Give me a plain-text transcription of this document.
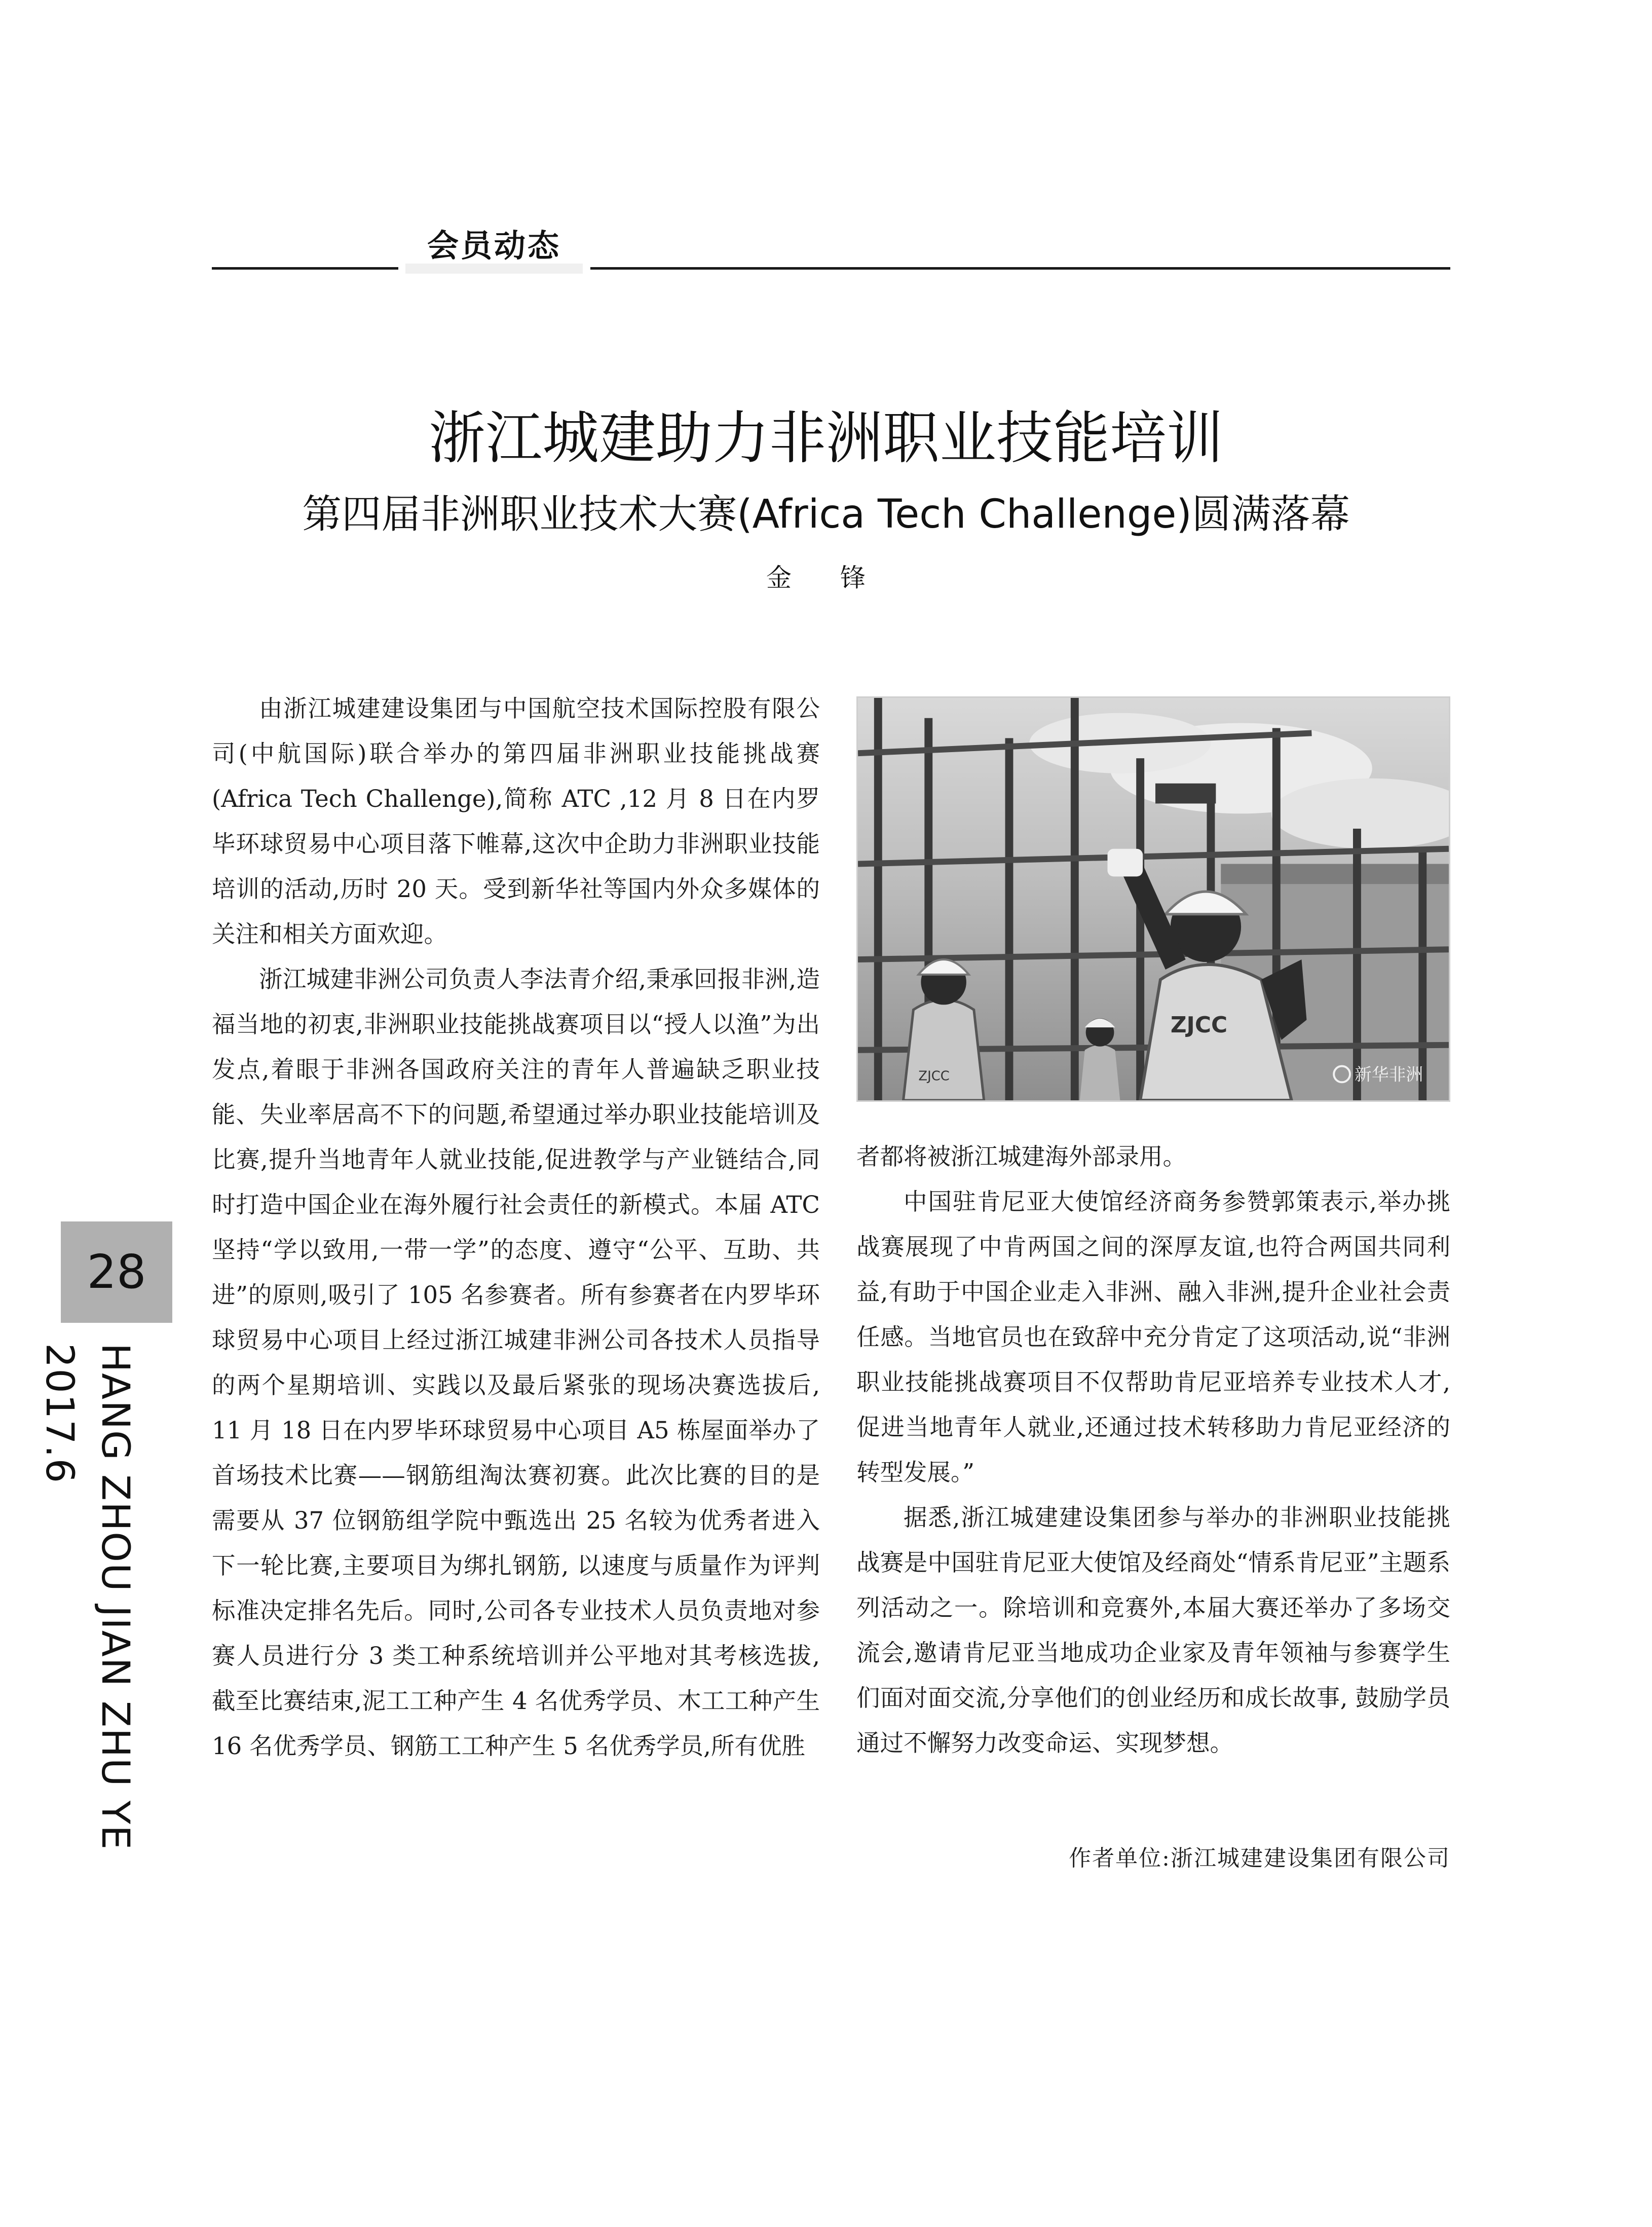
会员动态
浙江城建助力非洲职业技能培训
第四届非洲职业技术大赛(Africa Tech Challenge)圆满落幕
金 锋

由浙江城建建设集团与中国航空技术国际控股有限公司(中航国际)联合举办的第四届非洲职业技能挑战赛(Africa Tech Challenge),简称 ATC ,12 月 8 日在内罗毕环球贸易中心项目落下帷幕,这次中企助力非洲职业技能培训的活动,历时 20 天。受到新华社等国内外众多媒体的关注和相关方面欢迎。

浙江城建非洲公司负责人李法青介绍,秉承回报非洲,造福当地的初衷,非洲职业技能挑战赛项目以“授人以渔”为出发点,着眼于非洲各国政府关注的青年人普遍缺乏职业技能、失业率居高不下的问题,希望通过举办职业技能培训及比赛,提升当地青年人就业技能,促进教学与产业链结合,同时打造中国企业在海外履行社会责任的新模式。本届 ATC 坚持“学以致用,一带一学”的态度、遵守“公平、互助、共进”的原则,吸引了 105 名参赛者。所有参赛者在内罗毕环球贸易中心项目上经过浙江城建非洲公司各技术人员指导的两个星期培训、实践以及最后紧张的现场决赛选拔后, 11 月 18 日在内罗毕环球贸易中心项目 A5 栋屋面举办了首场技术比赛——钢筋组淘汰赛初赛。此次比赛的目的是需要从 37 位钢筋组学院中甄选出 25 名较为优秀者进入下一轮比赛,主要项目为绑扎钢筋, 以速度与质量作为评判标准决定排名先后。同时,公司各专业技术人员负责地对参赛人员进行分 3 类工种系统培训并公平地对其考核选拔, 截至比赛结束,泥工工种产生 4 名优秀学员、木工工种产生 16 名优秀学员、钢筋工工种产生 5 名优秀学员,所有优胜

ZJCC
ZJCC	新华非洲

者都将被浙江城建海外部录用。

中国驻肯尼亚大使馆经济商务参赞郭策表示,举办挑战赛展现了中肯两国之间的深厚友谊,也符合两国共同利益,有助于中国企业走入非洲、融入非洲,提升企业社会责任感。当地官员也在致辞中充分肯定了这项活动,说“非洲职业技能挑战赛项目不仅帮助肯尼亚培养专业技术人才,促进当地青年人就业,还通过技术转移助力肯尼亚经济的转型发展。”

据悉,浙江城建建设集团参与举办的非洲职业技能挑战赛是中国驻肯尼亚大使馆及经商处“情系肯尼亚”主题系列活动之一。除培训和竞赛外,本届大赛还举办了多场交流会,邀请肯尼亚当地成功企业家及青年领袖与参赛学生们面对面交流,分享他们的创业经历和成长故事, 鼓励学员通过不懈努力改变命运、实现梦想。

作者单位:浙江城建建设集团有限公司
28
HANG ZHOU JIAN ZHU YE 2017.6
